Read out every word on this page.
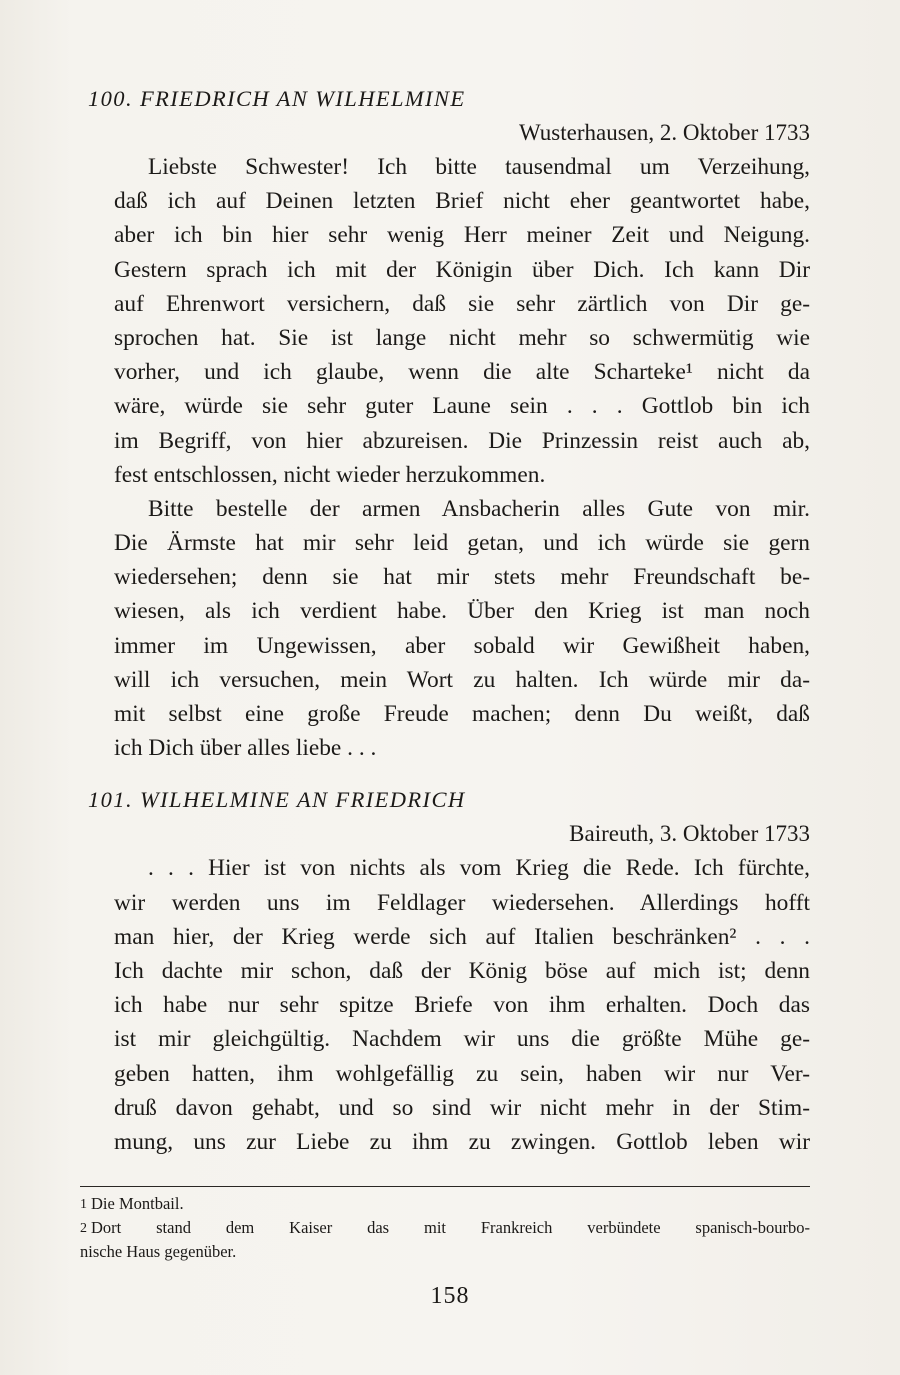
100. FRIEDRICH AN WILHELMINE

Wusterhausen, 2. Oktober 1733

Liebste Schwester! Ich bitte tausendmal um Verzeihung,
daß ich auf Deinen letzten Brief nicht eher geantwortet habe,
aber ich bin hier sehr wenig Herr meiner Zeit und Neigung.
Gestern sprach ich mit der Königin über Dich. Ich kann Dir
auf Ehrenwort versichern, daß sie sehr zärtlich von Dir ge-
sprochen hat. Sie ist lange nicht mehr so schwermütig wie
vorher, und ich glaube, wenn die alte Scharteke¹ nicht da
wäre, würde sie sehr guter Laune sein . . . Gottlob bin ich
im Begriff, von hier abzureisen. Die Prinzessin reist auch ab,
fest entschlossen, nicht wieder herzukommen.
Bitte bestelle der armen Ansbacherin alles Gute von mir.
Die Ärmste hat mir sehr leid getan, und ich würde sie gern
wiedersehen; denn sie hat mir stets mehr Freundschaft be-
wiesen, als ich verdient habe. Über den Krieg ist man noch
immer im Ungewissen, aber sobald wir Gewißheit haben,
will ich versuchen, mein Wort zu halten. Ich würde mir da-
mit selbst eine große Freude machen; denn Du weißt, daß
ich Dich über alles liebe . . .

101. WILHELMINE AN FRIEDRICH

Baireuth, 3. Oktober 1733

. . . Hier ist von nichts als vom Krieg die Rede. Ich fürchte,
wir werden uns im Feldlager wiedersehen. Allerdings hofft
man hier, der Krieg werde sich auf Italien beschränken² . . .
Ich dachte mir schon, daß der König böse auf mich ist; denn
ich habe nur sehr spitze Briefe von ihm erhalten. Doch das
ist mir gleichgültig. Nachdem wir uns die größte Mühe ge-
geben hatten, ihm wohlgefällig zu sein, haben wir nur Ver-
druß davon gehabt, und so sind wir nicht mehr in der Stim-
mung, uns zur Liebe zu ihm zu zwingen. Gottlob leben wir
1 Die Montbail.
2 Dort stand dem Kaiser das mit Frankreich verbündete spanisch-bourbo-
nische Haus gegenüber.
158
